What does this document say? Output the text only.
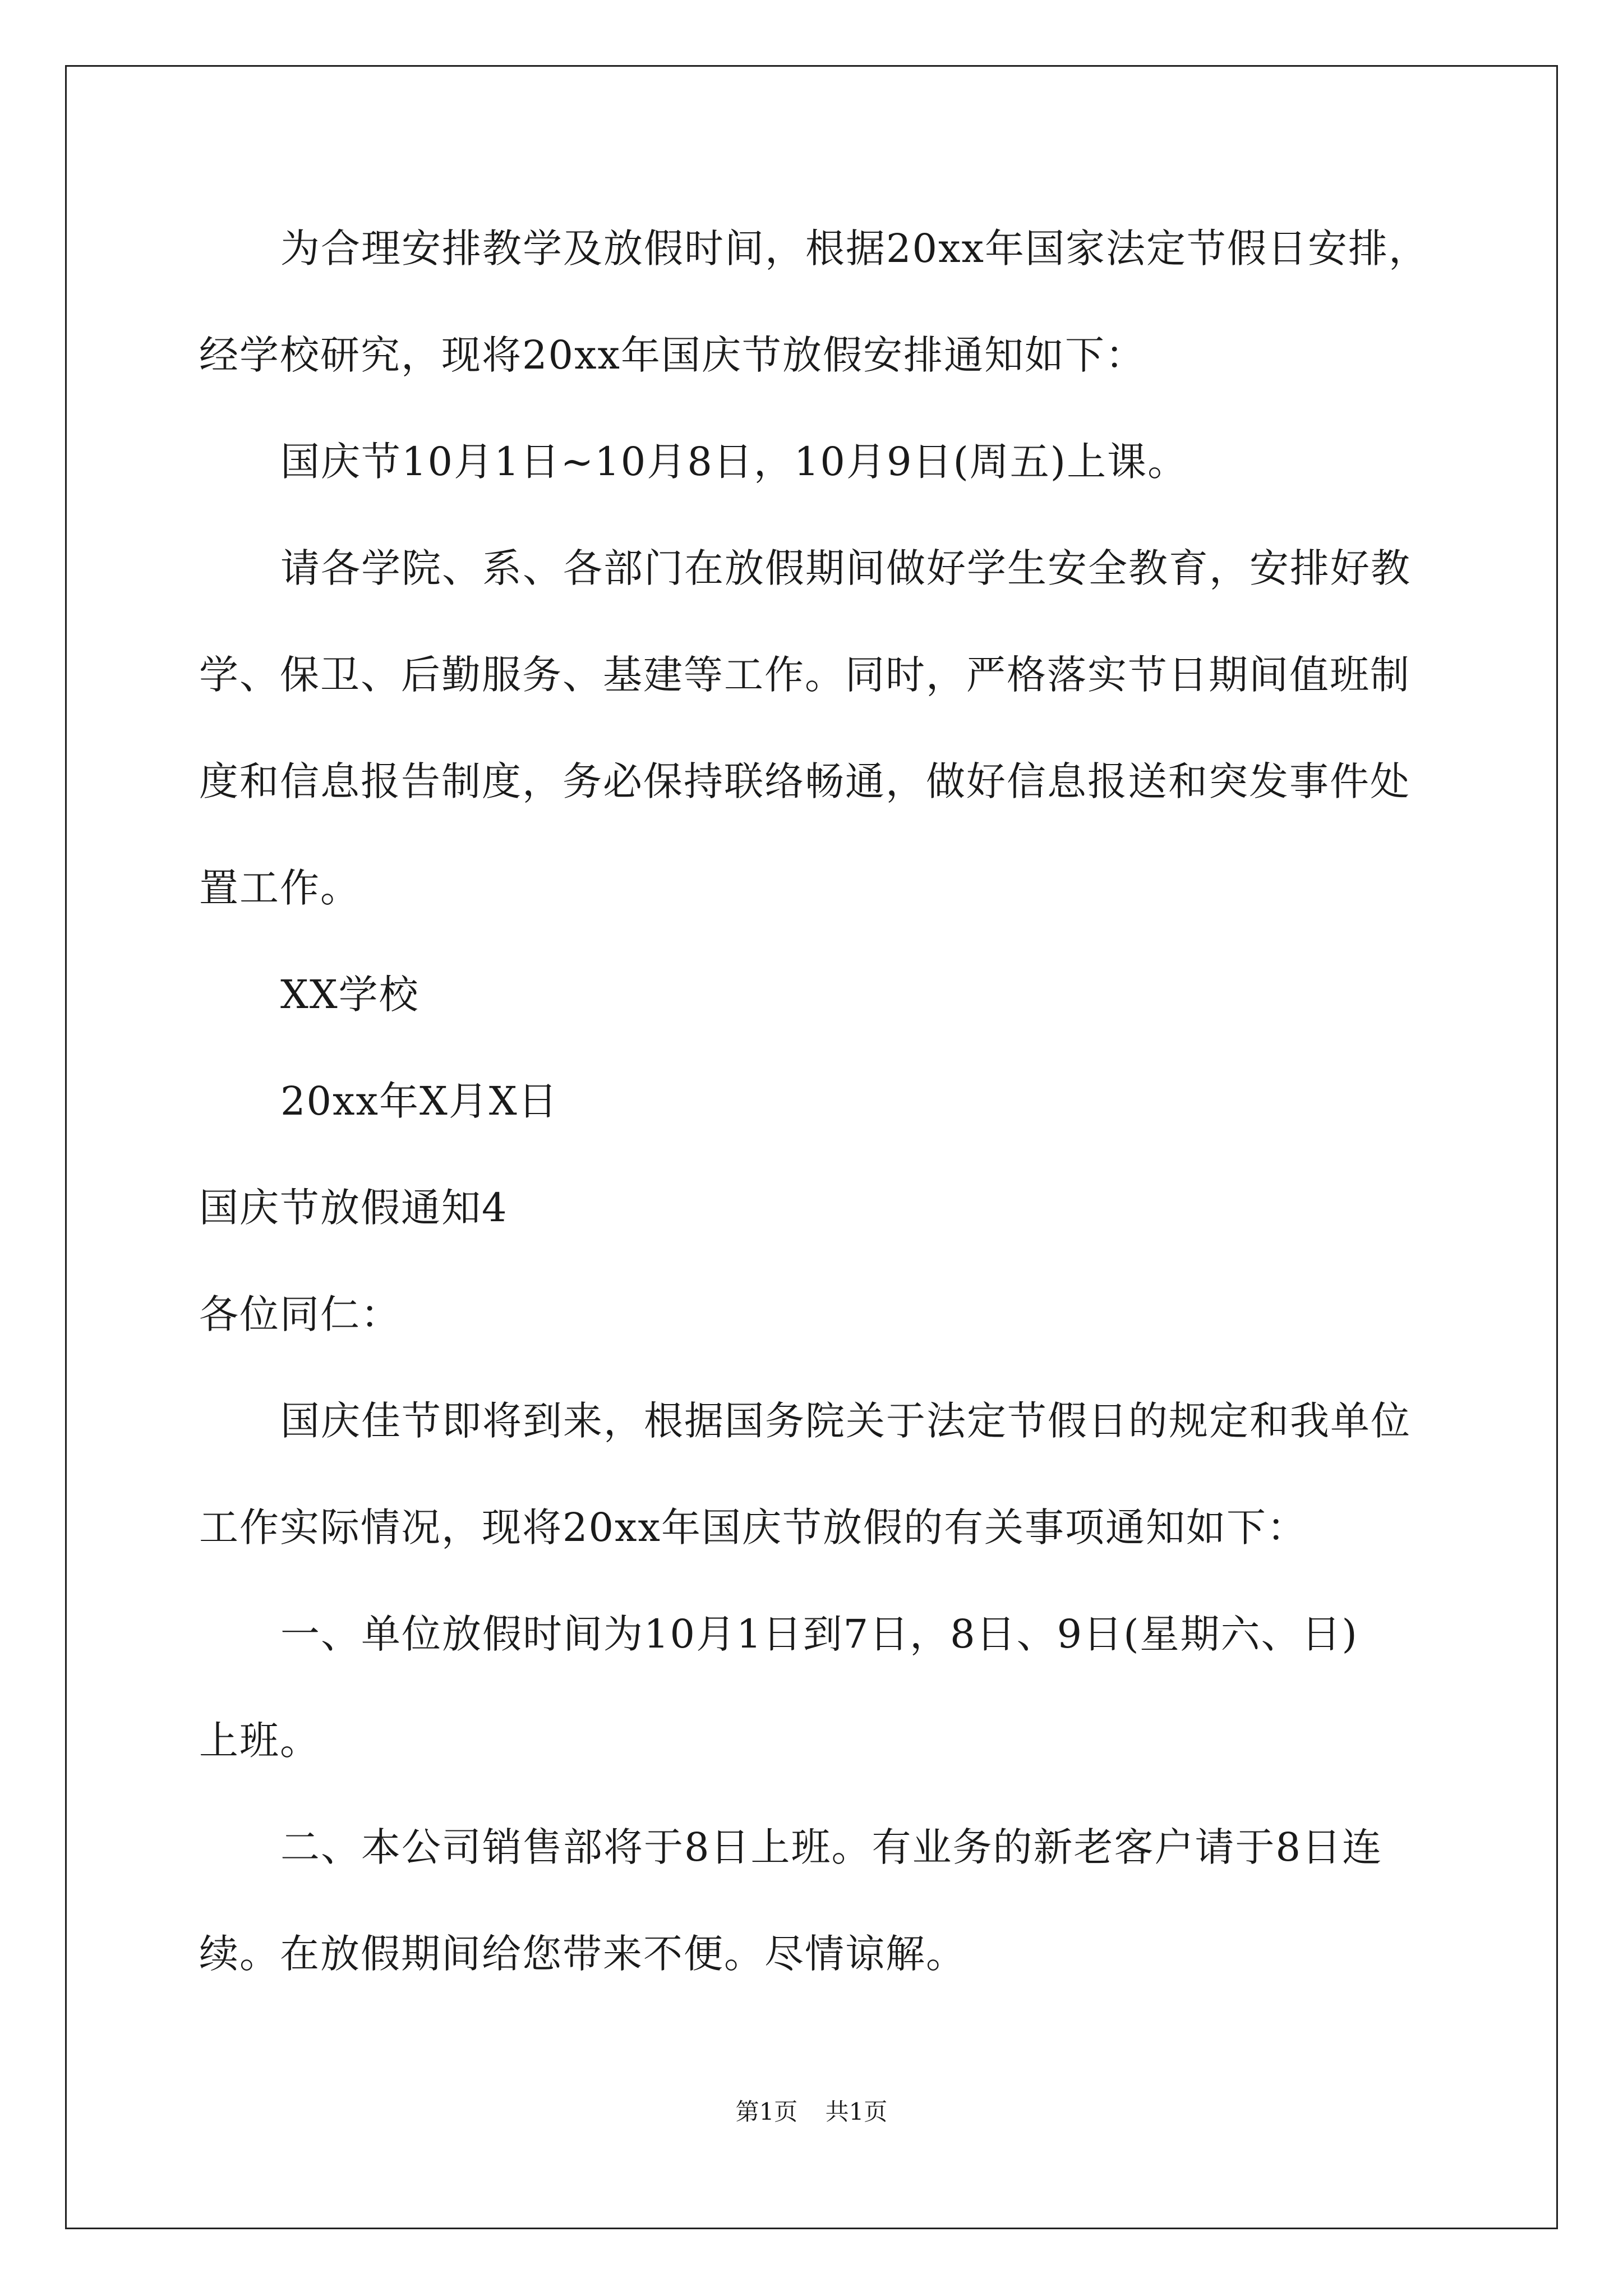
为合理安排教学及放假时间，根据20xx年国家法定节假日安排，
经学校研究，现将20xx年国庆节放假安排通知如下：
国庆节10月1日~10月8日，10月9日(周五)上课。
请各学院、系、各部门在放假期间做好学生安全教育，安排好教
学、保卫、后勤服务、基建等工作。同时，严格落实节日期间值班制
度和信息报告制度，务必保持联络畅通，做好信息报送和突发事件处
置工作。
XX学校
20xx年X月X日
国庆节放假通知4
各位同仁：
国庆佳节即将到来，根据国务院关于法定节假日的规定和我单位
工作实际情况，现将20xx年国庆节放假的有关事项通知如下：
一、单位放假时间为10月1日到7日，8日、9日(星期六、日)
上班。
二、本公司销售部将于8日上班。有业务的新老客户请于8日连
续。在放假期间给您带来不便。尽情谅解。
第1页 共1页
